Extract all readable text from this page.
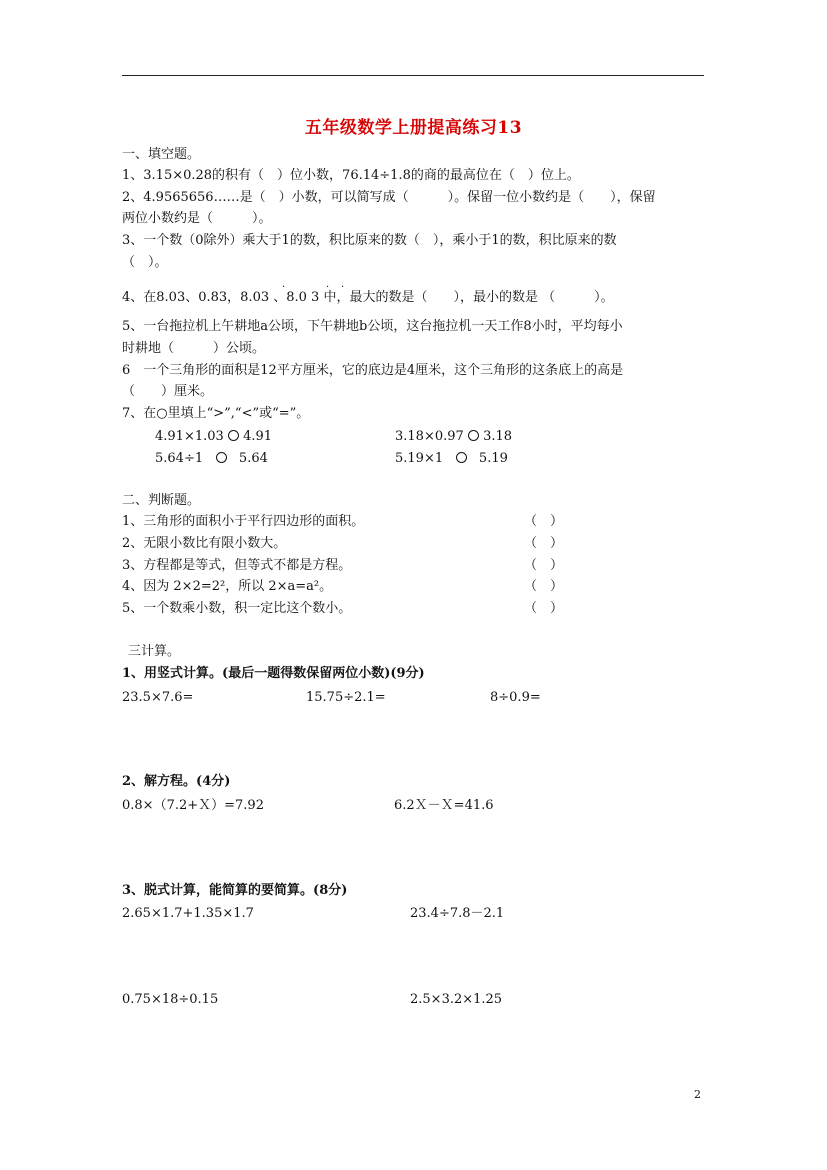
五年级数学上册提高练习13
一、填空题。
1、3.15×0.28的积有（　）位小数，76.14÷1.8的商的最高位在（　）位上。
2、4.9565656……是（　）小数，可以简写成（　　　）。保留一位小数约是（　　），保留
两位小数约是（　　　）。
3、一个数（0除外）乘大于1的数，积比原来的数（　），乘小于1的数，积比原来的数
（　）。
4、在8.03、0.83，8.03 、8.0 3 中，最大的数是（　　），最小的数是 （　　　）。
·	· ·
5、一台拖拉机上午耕地a公顷，下午耕地b公顷，这台拖拉机一天工作8小时，平均每小
时耕地（　　　）公顷。
6　一个三角形的面积是12平方厘米，它的底边是4厘米，这个三角形的这条底上的高是
（　　）厘米。
7、在○里填上“>”,“<”或“=”。
4.91×1.03 4.91	3.18×0.97 3.18
5.64÷1	5.64	5.19×1	5.19
二、判断题。
1、三角形的面积小于平行四边形的面积。	（　）
2、无限小数比有限小数大。	（　）
3、方程都是等式，但等式不都是方程。	（　）
4、因为 2×2=2²，所以 2×a=a²。	（　）
5、一个数乘小数，积一定比这个数小。	（　）
三计算。
1、用竖式计算。(最后一题得数保留两位小数)(9分)
23.5×7.6=	15.75÷2.1=	8÷0.9=
2、解方程。(4分)
0.8×（7.2+Ｘ）=7.92	6.2Ｘ－Ｘ=41.6
3、脱式计算，能简算的要简算。(8分)
2.65×1.7+1.35×1.7	23.4÷7.8－2.1
0.75×18÷0.15	2.5×3.2×1.25
2
